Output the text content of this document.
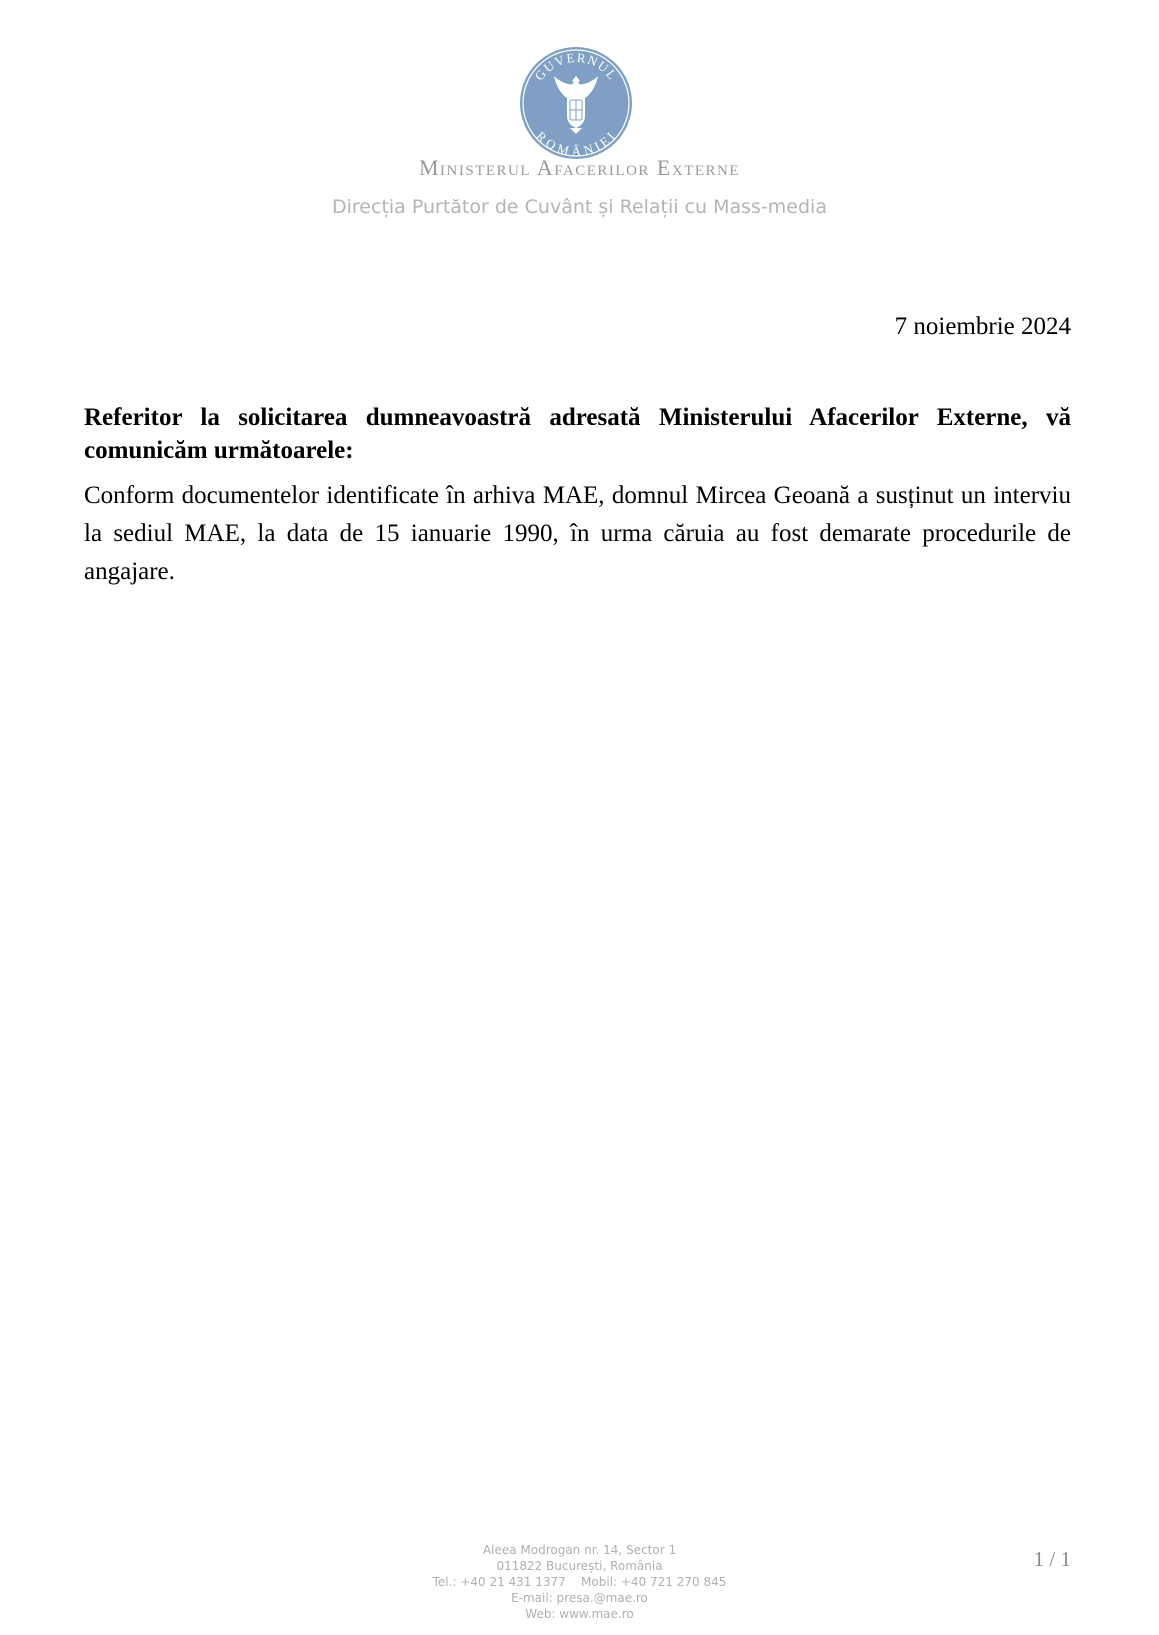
GUVERNUL
ROMÂNIEI
Ministerul Afacerilor Externe
Direcția Purtător de Cuvânt și Relații cu Mass-media
7 noiembrie 2024
Referitor la solicitarea dumneavoastră adresată Ministerului Afacerilor Externe, vă comunicăm următoarele:
Conform documentelor identificate în arhiva MAE, domnul Mircea Geoană a susținut un interviu la sediul MAE, la data de 15 ianuarie 1990, în urma căruia au fost demarate procedurile de angajare.
Aleea Modrogan nr. 14, Sector 1
011822 București, România
Tel.: +40 21 431 1377    Mobil: +40 721 270 845
E-mail: presa.@mae.ro
Web: www.mae.ro
1 / 1
